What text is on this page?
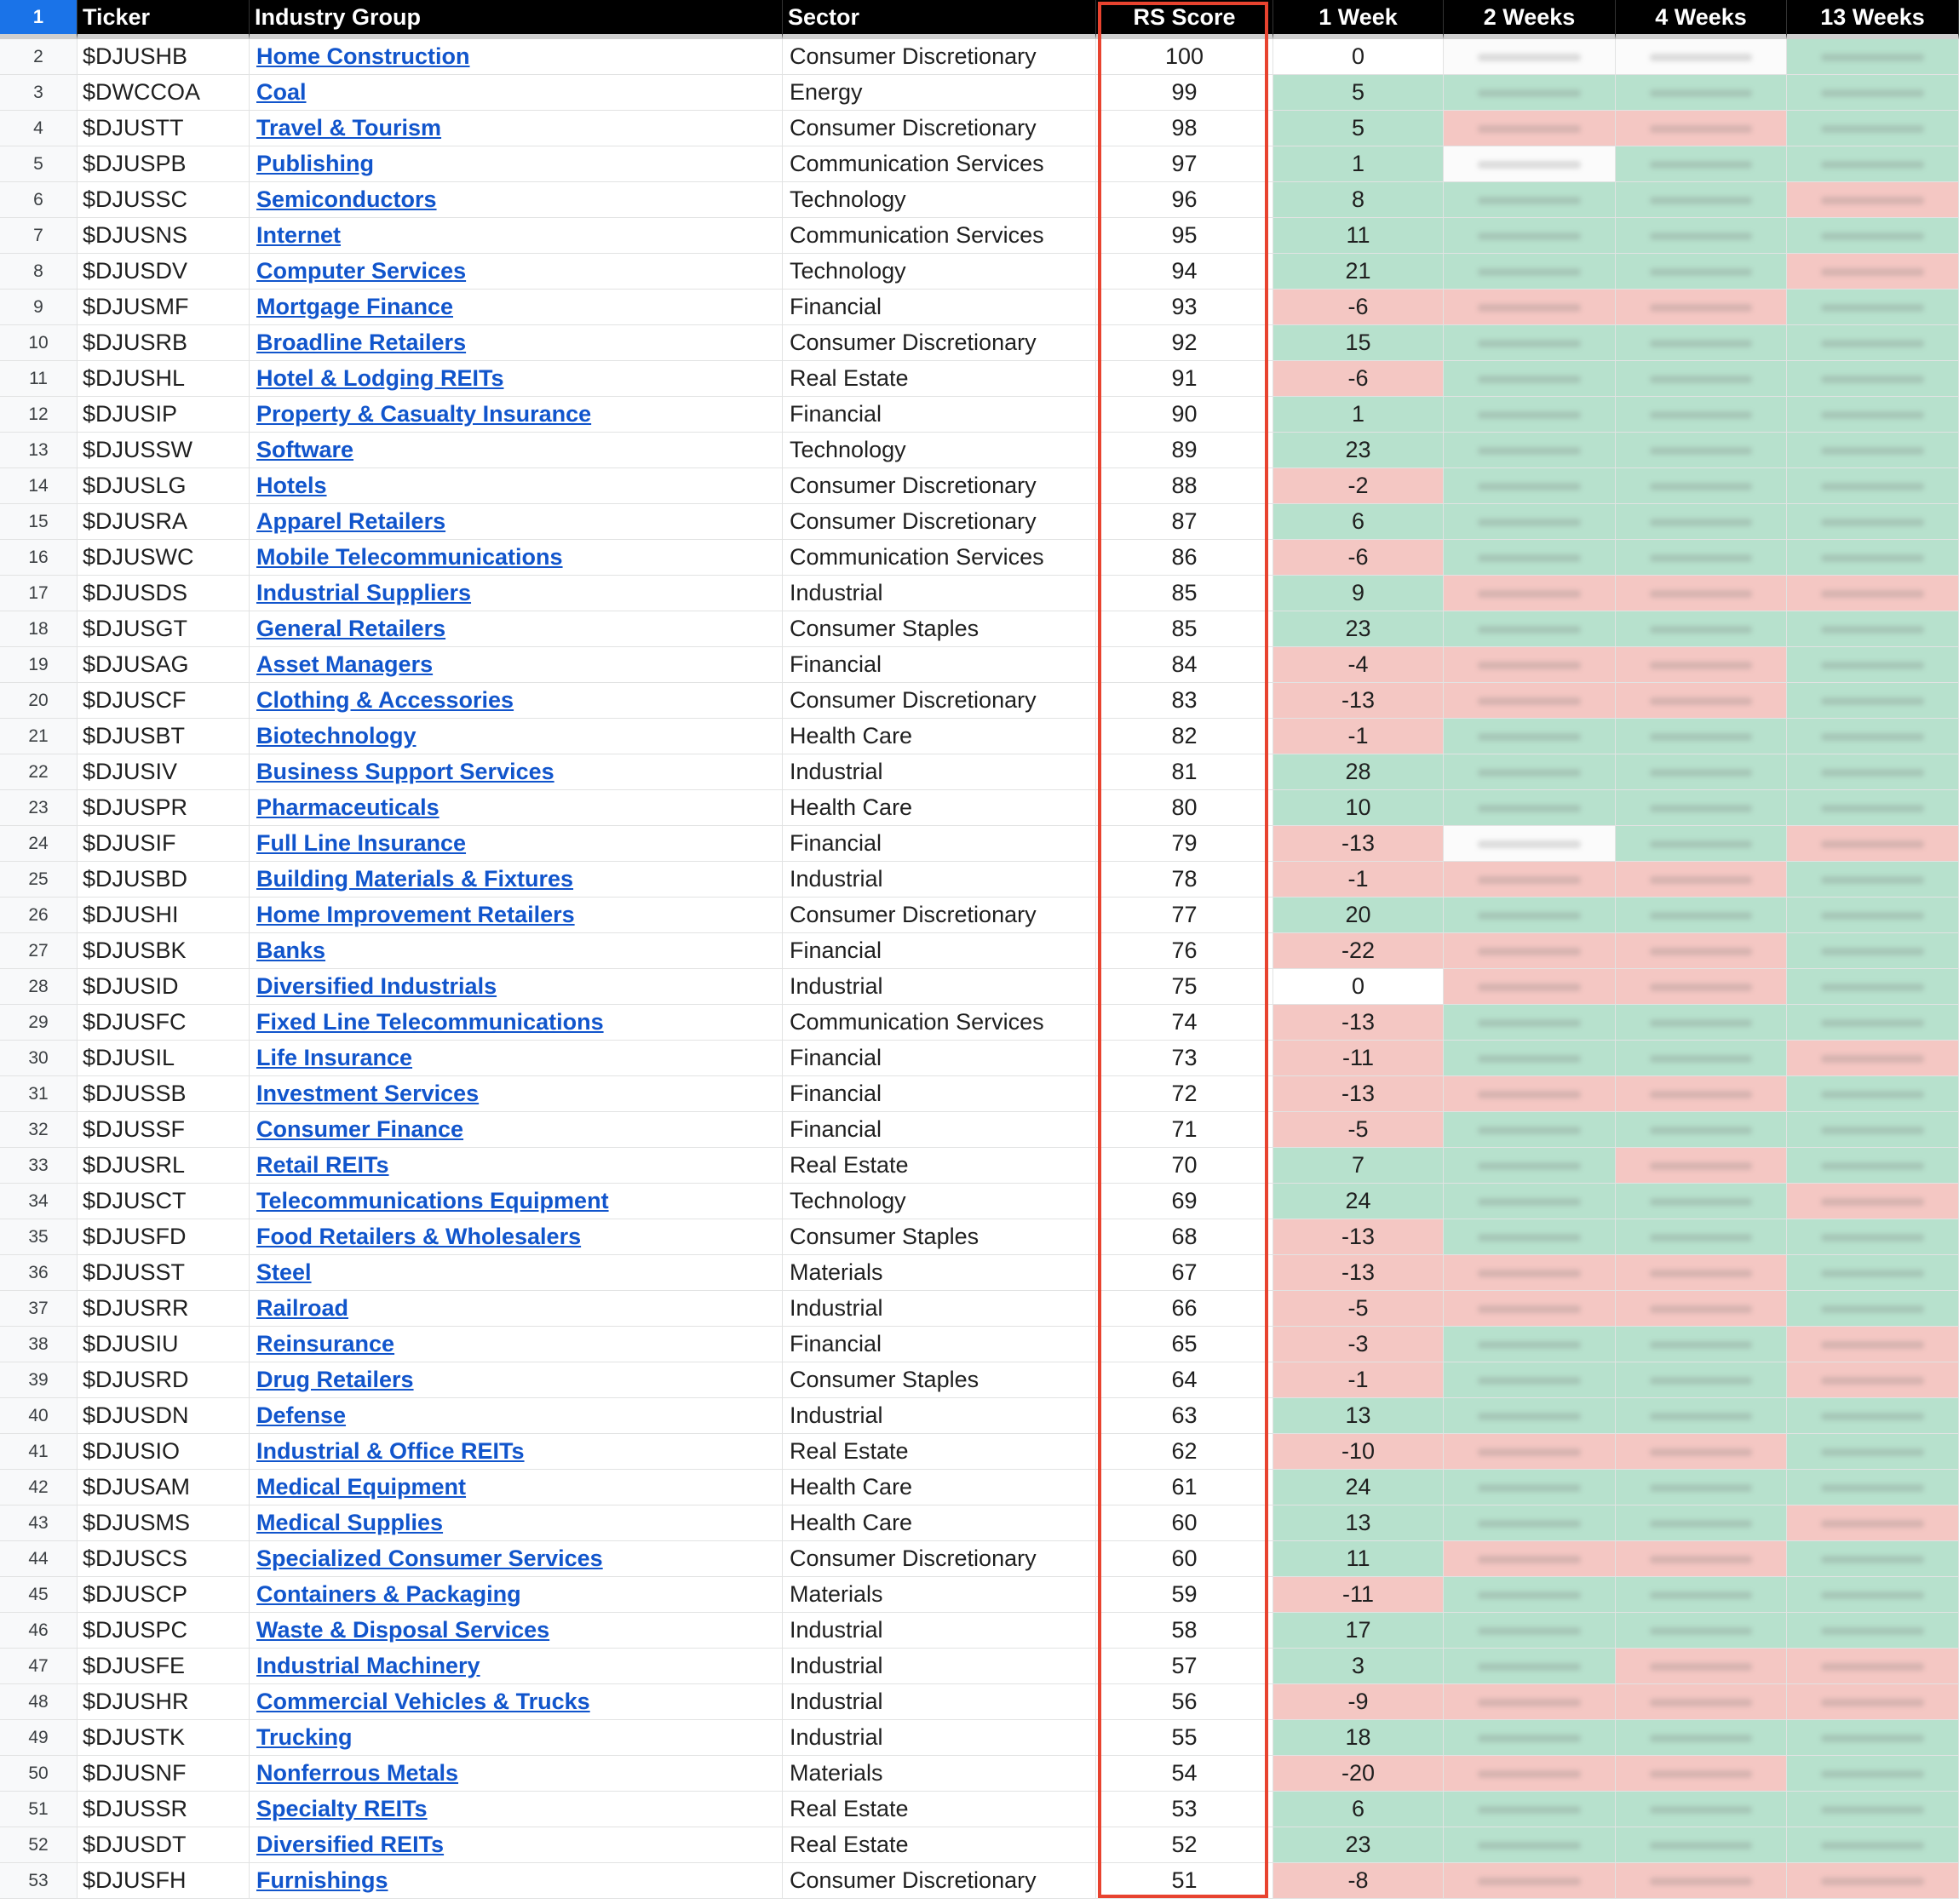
1	Ticker	Industry Group	Sector	RS Score	1 Week	2 Weeks	4 Weeks	13 Weeks
2	$DJUSHB	Home Construction	Consumer Discretionary	100	0
3	$DWCCOA	Coal	Energy	99	5
4	$DJUSTT	Travel & Tourism	Consumer Discretionary	98	5
5	$DJUSPB	Publishing	Communication Services	97	1
6	$DJUSSC	Semiconductors	Technology	96	8
7	$DJUSNS	Internet	Communication Services	95	11
8	$DJUSDV	Computer Services	Technology	94	21
9	$DJUSMF	Mortgage Finance	Financial	93	-6
10	$DJUSRB	Broadline Retailers	Consumer Discretionary	92	15
11	$DJUSHL	Hotel & Lodging REITs	Real Estate	91	-6
12	$DJUSIP	Property & Casualty Insurance	Financial	90	1
13	$DJUSSW	Software	Technology	89	23
14	$DJUSLG	Hotels	Consumer Discretionary	88	-2
15	$DJUSRA	Apparel Retailers	Consumer Discretionary	87	6
16	$DJUSWC	Mobile Telecommunications	Communication Services	86	-6
17	$DJUSDS	Industrial Suppliers	Industrial	85	9
18	$DJUSGT	General Retailers	Consumer Staples	85	23
19	$DJUSAG	Asset Managers	Financial	84	-4
20	$DJUSCF	Clothing & Accessories	Consumer Discretionary	83	-13
21	$DJUSBT	Biotechnology	Health Care	82	-1
22	$DJUSIV	Business Support Services	Industrial	81	28
23	$DJUSPR	Pharmaceuticals	Health Care	80	10
24	$DJUSIF	Full Line Insurance	Financial	79	-13
25	$DJUSBD	Building Materials & Fixtures	Industrial	78	-1
26	$DJUSHI	Home Improvement Retailers	Consumer Discretionary	77	20
27	$DJUSBK	Banks	Financial	76	-22
28	$DJUSID	Diversified Industrials	Industrial	75	0
29	$DJUSFC	Fixed Line Telecommunications	Communication Services	74	-13
30	$DJUSIL	Life Insurance	Financial	73	-11
31	$DJUSSB	Investment Services	Financial	72	-13
32	$DJUSSF	Consumer Finance	Financial	71	-5
33	$DJUSRL	Retail REITs	Real Estate	70	7
34	$DJUSCT	Telecommunications Equipment	Technology	69	24
35	$DJUSFD	Food Retailers & Wholesalers	Consumer Staples	68	-13
36	$DJUSST	Steel	Materials	67	-13
37	$DJUSRR	Railroad	Industrial	66	-5
38	$DJUSIU	Reinsurance	Financial	65	-3
39	$DJUSRD	Drug Retailers	Consumer Staples	64	-1
40	$DJUSDN	Defense	Industrial	63	13
41	$DJUSIO	Industrial & Office REITs	Real Estate	62	-10
42	$DJUSAM	Medical Equipment	Health Care	61	24
43	$DJUSMS	Medical Supplies	Health Care	60	13
44	$DJUSCS	Specialized Consumer Services	Consumer Discretionary	60	11
45	$DJUSCP	Containers & Packaging	Materials	59	-11
46	$DJUSPC	Waste & Disposal Services	Industrial	58	17
47	$DJUSFE	Industrial Machinery	Industrial	57	3
48	$DJUSHR	Commercial Vehicles & Trucks	Industrial	56	-9
49	$DJUSTK	Trucking	Industrial	55	18
50	$DJUSNF	Nonferrous Metals	Materials	54	-20
51	$DJUSSR	Specialty REITs	Real Estate	53	6
52	$DJUSDT	Diversified REITs	Real Estate	52	23
53	$DJUSFH	Furnishings	Consumer Discretionary	51	-8
